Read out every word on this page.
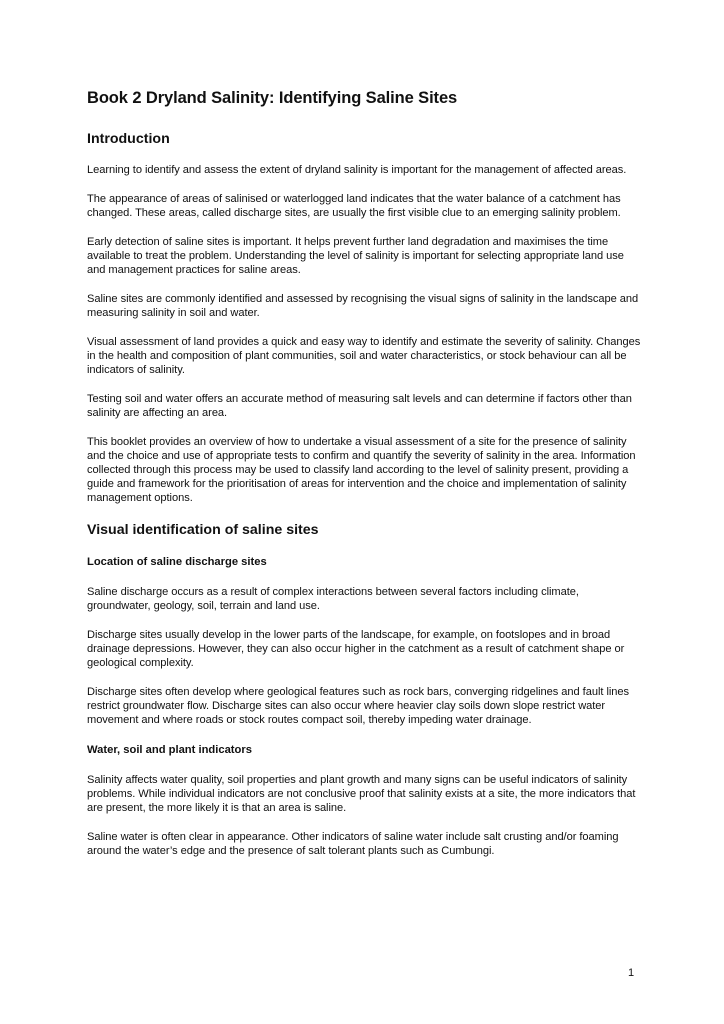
Book 2 Dryland Salinity: Identifying Saline Sites
Introduction
Learning to identify and assess the extent of dryland salinity is important for the management of affected areas.
The appearance of areas of salinised or waterlogged land indicates that the water balance of a catchment has changed. These areas, called discharge sites, are usually the first visible clue to an emerging salinity problem.
Early detection of saline sites is important. It helps prevent further land degradation and maximises the time available to treat the problem. Understanding the level of salinity is important for selecting appropriate land use and management practices for saline areas.
Saline sites are commonly identified and assessed by recognising the visual signs of salinity in the landscape and measuring salinity in soil and water.
Visual assessment of land provides a quick and easy way to identify and estimate the severity of salinity. Changes in the health and composition of plant communities, soil and water characteristics, or stock behaviour can all be indicators of salinity.
Testing soil and water offers an accurate method of measuring salt levels and can determine if factors other than salinity are affecting an area.
This booklet provides an overview of how to undertake a visual assessment of a site for the presence of salinity and the choice and use of appropriate tests to confirm and quantify the severity of salinity in the area. Information collected through this process may be used to classify land according to the level of salinity present, providing a guide and framework for the prioritisation of areas for intervention and the choice and implementation of salinity management options.
Visual identification of saline sites
Location of saline discharge sites
Saline discharge occurs as a result of complex interactions between several factors including climate, groundwater, geology, soil, terrain and land use.
Discharge sites usually develop in the lower parts of the landscape, for example, on footslopes and in broad drainage depressions. However, they can also occur higher in the catchment as a result of catchment shape or geological complexity.
Discharge sites often develop where geological features such as rock bars, converging ridgelines and fault lines restrict groundwater flow. Discharge sites can also occur where heavier clay soils down slope restrict water movement and where roads or stock routes compact soil, thereby impeding water drainage.
Water, soil and plant indicators
Salinity affects water quality, soil properties and plant growth and many signs can be useful indicators of salinity problems. While individual indicators are not conclusive proof that salinity exists at a site, the more indicators that are present, the more likely it is that an area is saline.
Saline water is often clear in appearance. Other indicators of saline water include salt crusting and/or foaming around the water’s edge and the presence of salt tolerant plants such as Cumbungi.
1
